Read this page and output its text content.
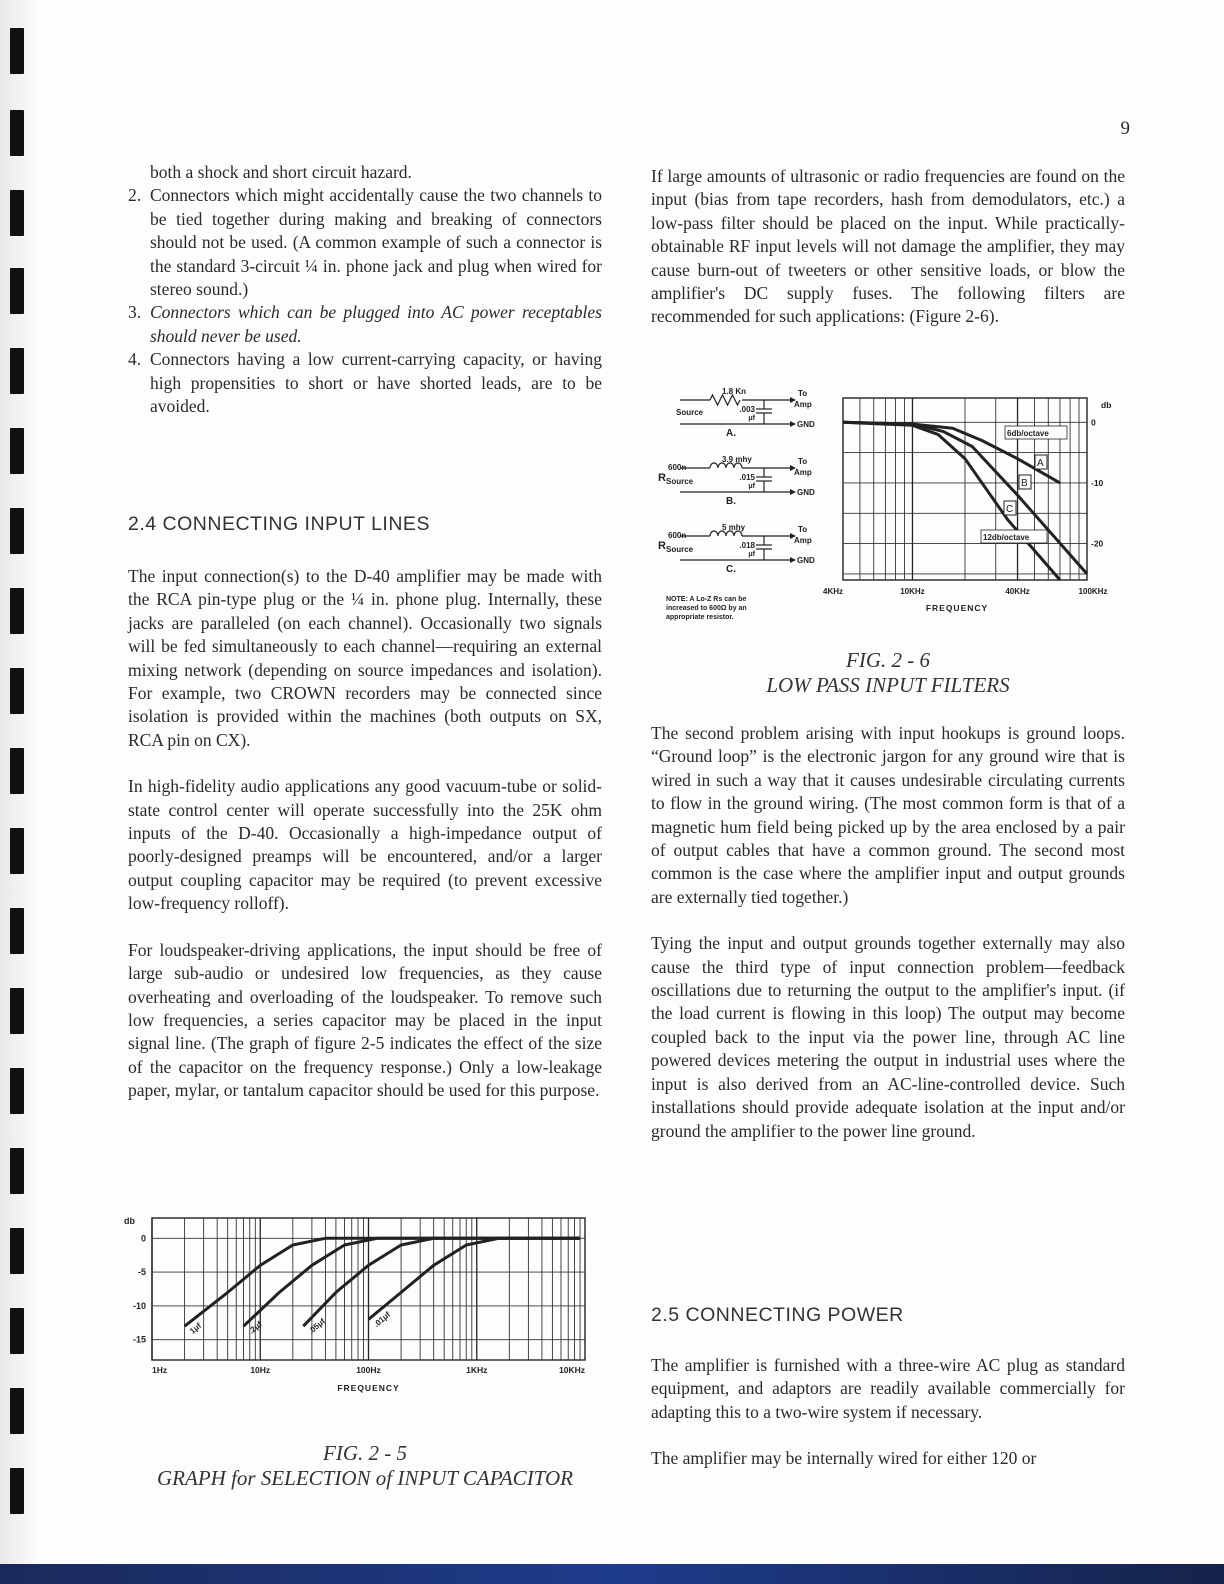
9

both a shock and short circuit hazard.

2. Connectors which might accidentally cause the two channels to be tied together during making and breaking of connectors should not be used. (A common example of such a connector is the standard 3-circuit ¼ in. phone jack and plug when wired for stereo sound.)
3. Connectors which can be plugged into AC power receptables should never be used.
4. Connectors having a low current-carrying capacity, or having high propensities to short or have shorted leads, are to be avoided.
2.4 CONNECTING INPUT LINES

The input connection(s) to the D-40 amplifier may be made with the RCA pin-type plug or the ¼ in. phone plug. Internally, these jacks are paralleled (on each channel). Occasionally two signals will be fed simultaneously to each channel—requiring an external mixing network (depending on source impedances and isolation). For example, two CROWN recorders may be connected since isolation is provided within the machines (both outputs on SX, RCA pin on CX).

In high-fidelity audio applications any good vacuum-tube or solid-state control center will operate successfully into the 25K ohm inputs of the D-40. Occasionally a high-impedance output of poorly-designed preamps will be encountered, and/or a larger output coupling capacitor may be required (to prevent excessive low-frequency rolloff).

For loudspeaker-driving applications, the input should be free of large sub-audio or undesired low frequencies, as they cause overheating and overloading of the loudspeaker. To remove such low frequencies, a series capacitor may be placed in the input signal line. (The graph of figure 2-5 indicates the effect of the size of the capacitor on the frequency response.) Only a low-leakage paper, mylar, or tantalum capacitor should be used for this purpose.

db
0
-5
-10
-15
1Hz	10Hz	100Hz	1KHz	10KHz
FREQUENCY
1μf	.2μf	.05μf	.01μf
FIG. 2 - 5
GRAPH for SELECTION of INPUT CAPACITOR

If large amounts of ultrasonic or radio frequencies are found on the input (bias from tape recorders, hash from demodulators, etc.) a low-pass filter should be placed on the input. While practically-obtainable RF input levels will not damage the amplifier, they may cause burn-out of tweeters or other sensitive loads, or blow the amplifier's DC supply fuses. The following filters are recommended for such applications: (Figure 2-6).

1.8 Kn	To
Amp
.003
μf
GND
A.
Source
3.9 mhy	To
Amp
.015
μf
GND
B.
600n
R Source
5 mhy	To
Amp
.018
μf
GND
C.
600n
R Source
NOTE: A Lo-Z Rs can be
increased to 600Ω by an
appropriate resistor.
db
0
-10
-20
4KHz	10KHz	40KHz	100KHz
FREQUENCY
A
B
C
6db/octave
12db/octave
FIG. 2 - 6
LOW PASS INPUT FILTERS

The second problem arising with input hookups is ground loops. “Ground loop” is the electronic jargon for any ground wire that is wired in such a way that it causes undesirable circulating currents to flow in the ground wiring. (The most common form is that of a magnetic hum field being picked up by the area enclosed by a pair of output cables that have a common ground. The second most common is the case where the amplifier input and output grounds are externally tied together.)

Tying the input and output grounds together externally may also cause the third type of input connection problem—feedback oscillations due to returning the output to the amplifier's input. (if the load current is flowing in this loop) The output may become coupled back to the input via the power line, through AC line powered devices metering the output in industrial uses where the input is also derived from an AC-line-controlled device. Such installations should provide adequate isolation at the input and/or ground the amplifier to the power line ground.

2.5 CONNECTING POWER

The amplifier is furnished with a three-wire AC plug as standard equipment, and adaptors are readily available commercially for adapting this to a two-wire system if necessary.

The amplifier may be internally wired for either 120 or
